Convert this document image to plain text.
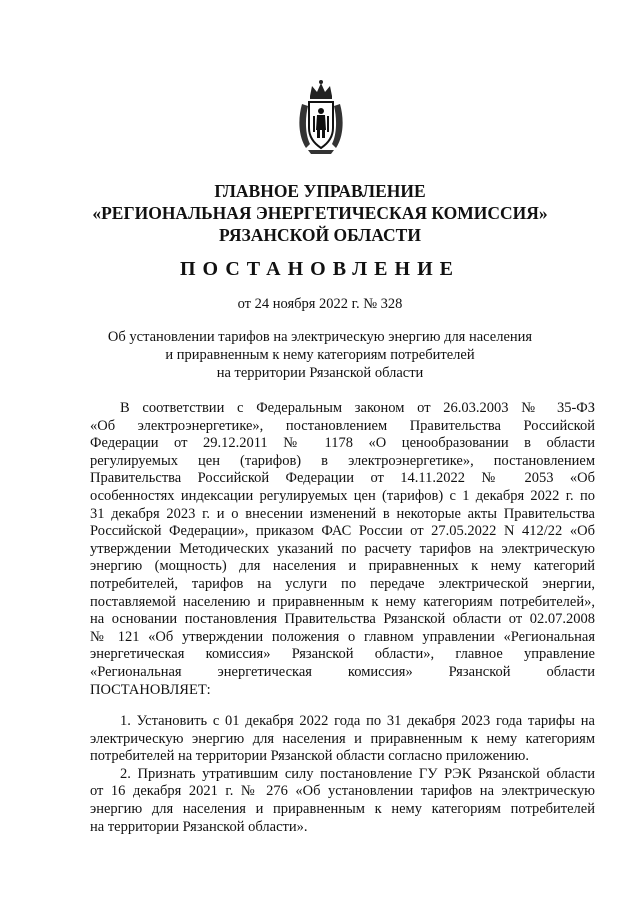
ГЛАВНОЕ УПРАВЛЕНИЕ
«РЕГИОНАЛЬНАЯ ЭНЕРГЕТИЧЕСКАЯ КОМИССИЯ»
РЯЗАНСКОЙ ОБЛАСТИ
ПОСТАНОВЛЕНИЕ
от 24 ноября 2022 г. № 328
Об установлении тарифов на электрическую энергию для населения
и приравненным к нему категориям потребителей
на территории Рязанской области
В соответствии с Федеральным законом от 26.03.2003 № 35-ФЗ
«Об электроэнергетике», постановлением Правительства Российской
Федерации от 29.12.2011 № 1178 «О ценообразовании в области
регулируемых цен (тарифов) в электроэнергетике», постановлением
Правительства Российской Федерации от 14.11.2022 № 2053 «Об
особенностях индексации регулируемых цен (тарифов) с 1 декабря 2022 г. по
31 декабря 2023 г. и о внесении изменений в некоторые акты Правительства
Российской Федерации», приказом ФАС России от 27.05.2022 N 412/22 «Об
утверждении Методических указаний по расчету тарифов на электрическую
энергию (мощность) для населения и приравненных к нему категорий
потребителей, тарифов на услуги по передаче электрической энергии,
поставляемой населению и приравненным к нему категориям потребителей»,
на основании постановления Правительства Рязанской области от 02.07.2008
№ 121 «Об утверждении положения о главном управлении «Региональная
энергетическая комиссия» Рязанской области», главное управление
«Региональная энергетическая комиссия» Рязанской области
ПОСТАНОВЛЯЕТ:
1. Установить с 01 декабря 2022 года по 31 декабря 2023 года тарифы на
электрическую энергию для населения и приравненным к нему категориям
потребителей на территории Рязанской области согласно приложению.
2. Признать утратившим силу постановление ГУ РЭК Рязанской области
от 16 декабря 2021 г. № 276 «Об установлении тарифов на электрическую
энергию для населения и приравненным к нему категориям потребителей
на территории Рязанской области».
